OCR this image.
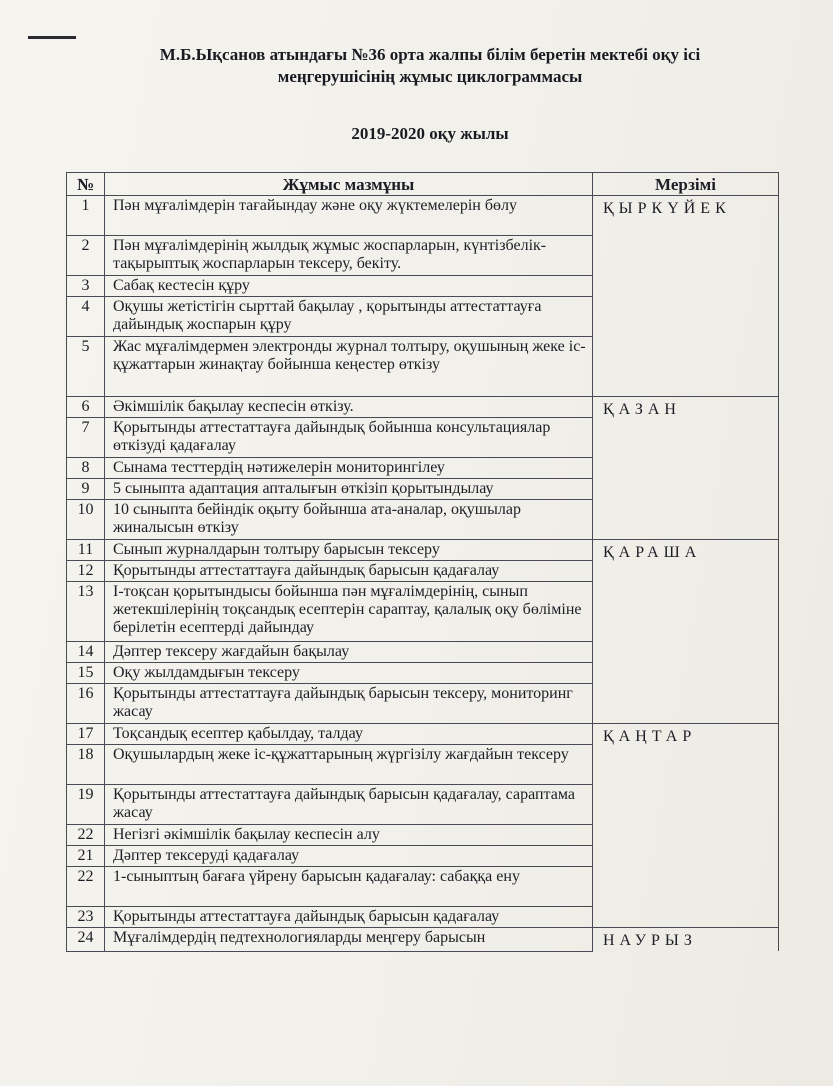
М.Б.Ықсанов атындағы №36 орта жалпы білім беретін мектебі оқу ісі
меңгерушісінің жұмыс циклограммасы
2019-2020 оқу жылы
№	Жұмыс мазмұны	Мерзімі
1	Пән мұғалімдерін тағайындау және оқу жүктемелерін бөлу	ҚЫРКҮЙЕК
2	Пән мұғалімдерінің жылдық жұмыс жоспарларын, күнтізбелік-тақырыптық жоспарларын тексеру, бекіту.	
3	Сабақ кестесін құру	
4	Оқушы жетістігін сырттай бақылау , қорытынды аттестаттауға дайындық жоспарын құру	
5	Жас мұғалімдермен электронды журнал толтыру, оқушының жеке іс-құжаттарын жинақтау бойынша кеңестер өткізу	
6	Әкімшілік бақылау кеспесін өткізу.	ҚАЗАН
7	Қорытынды аттестаттауға дайындық бойынша консультациялар өткізуді қадағалау	
8	Сынама тесттердің нәтижелерін мониторингілеу	
9	5 сыныпта адаптация апталығын өткізіп қорытындылау	
10	10 сыныпта бейіндік оқыту бойынша ата-аналар, оқушылар жиналысын өткізу	
11	Сынып журналдарын толтыру барысын тексеру	ҚАРАША
12	Қорытынды аттестаттауға дайындық барысын қадағалау	
13	І-тоқсан қорытындысы бойынша пән мұғалімдерінің, сынып жетекшілерінің тоқсандық есептерін сараптау, қалалық оқу бөліміне берілетін есептерді дайындау	
14	Дәптер тексеру жағдайын бақылау	
15	Оқу жылдамдығын тексеру	
16	Қорытынды аттестаттауға дайындық барысын тексеру, мониторинг жасау	
17	Тоқсандық есептер қабылдау, талдау	ҚАҢТАР
18	Оқушылардың жеке іс-құжаттарының жүргізілу жағдайын тексеру	
19	Қорытынды аттестаттауға дайындық барысын қадағалау, сараптама жасау	
22	Негізгі әкімшілік бақылау кеспесін алу	
21	Дәптер тексеруді қадағалау	
22	1-сыныптың бағаға үйрену барысын қадағалау: сабаққа ену	
23	Қорытынды аттестаттауға дайындық барысын қадағалау	
24	Мұғалімдердің педтехнологияларды меңгеру барысын	НАУРЫЗ
